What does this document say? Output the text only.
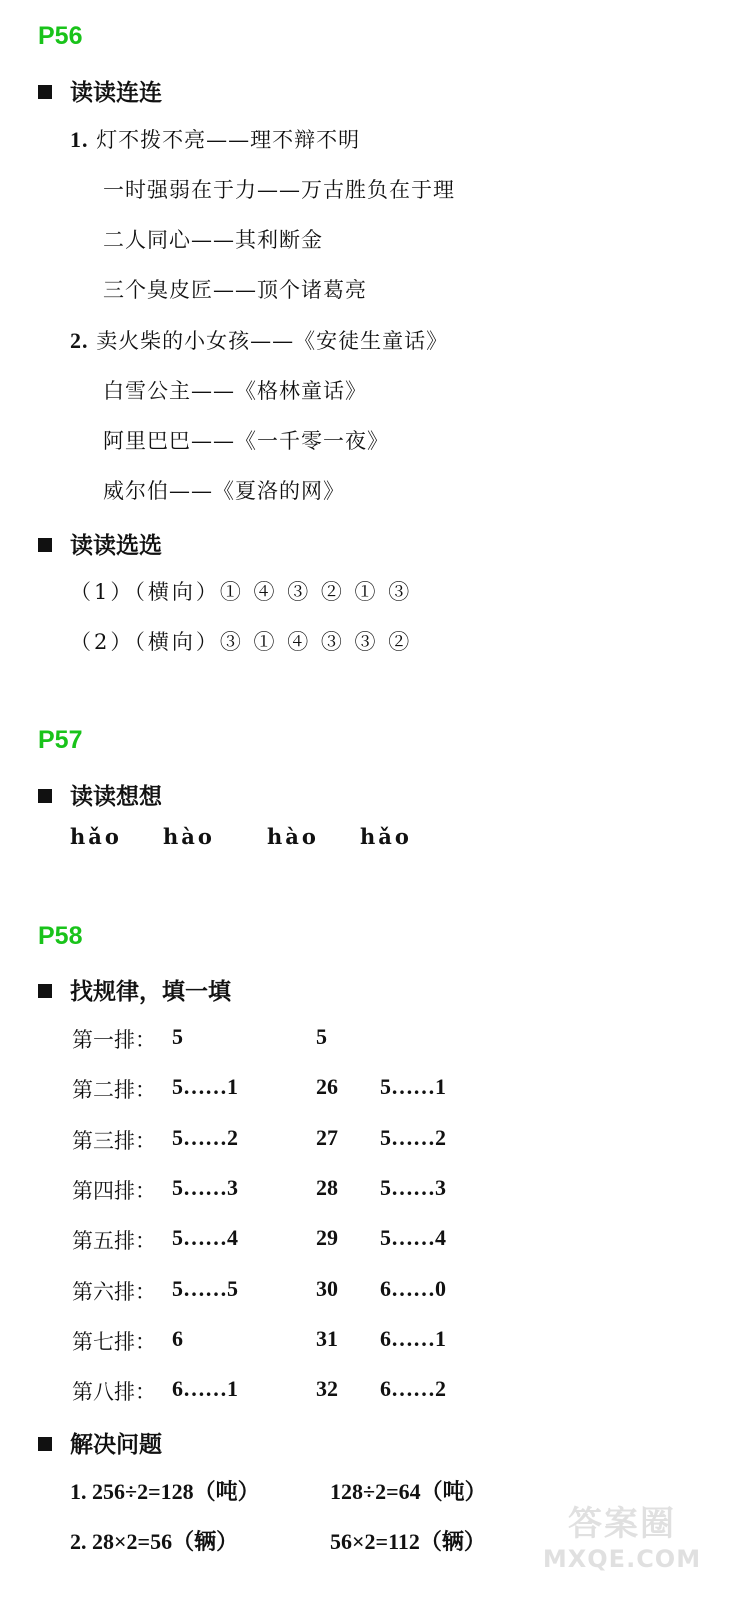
P56
读读连连
1. 灯不拨不亮——理不辩不明
一时强弱在于力——万古胜负在于理
二人同心——其利断金
三个臭皮匠——顶个诸葛亮
2. 卖火柴的小女孩——《安徒生童话》
白雪公主——《格林童话》
阿里巴巴——《一千零一夜》
威尔伯——《夏洛的网》
读读选选
（1）（横向）① ④ ③ ② ① ③
（2）（横向）③ ① ④ ③ ③ ②
P57
读读想想
hǎo hào hào hǎo
P58
找规律，填一填
第一排： 5	5
第二排： 5……1	26 5……1
第三排： 5……2	27 5……2
第四排： 5……3	28 5……3
第五排： 5……4	29 5……4
第六排： 5……5	30 6……0
第七排： 6	31 6……1
第八排： 6……1	32 6……2
解决问题
1. 256÷2=128（吨）	128÷2=64（吨）
2. 28×2=56（辆）	56×2=112（辆）	答案圈
MXQE.COM
